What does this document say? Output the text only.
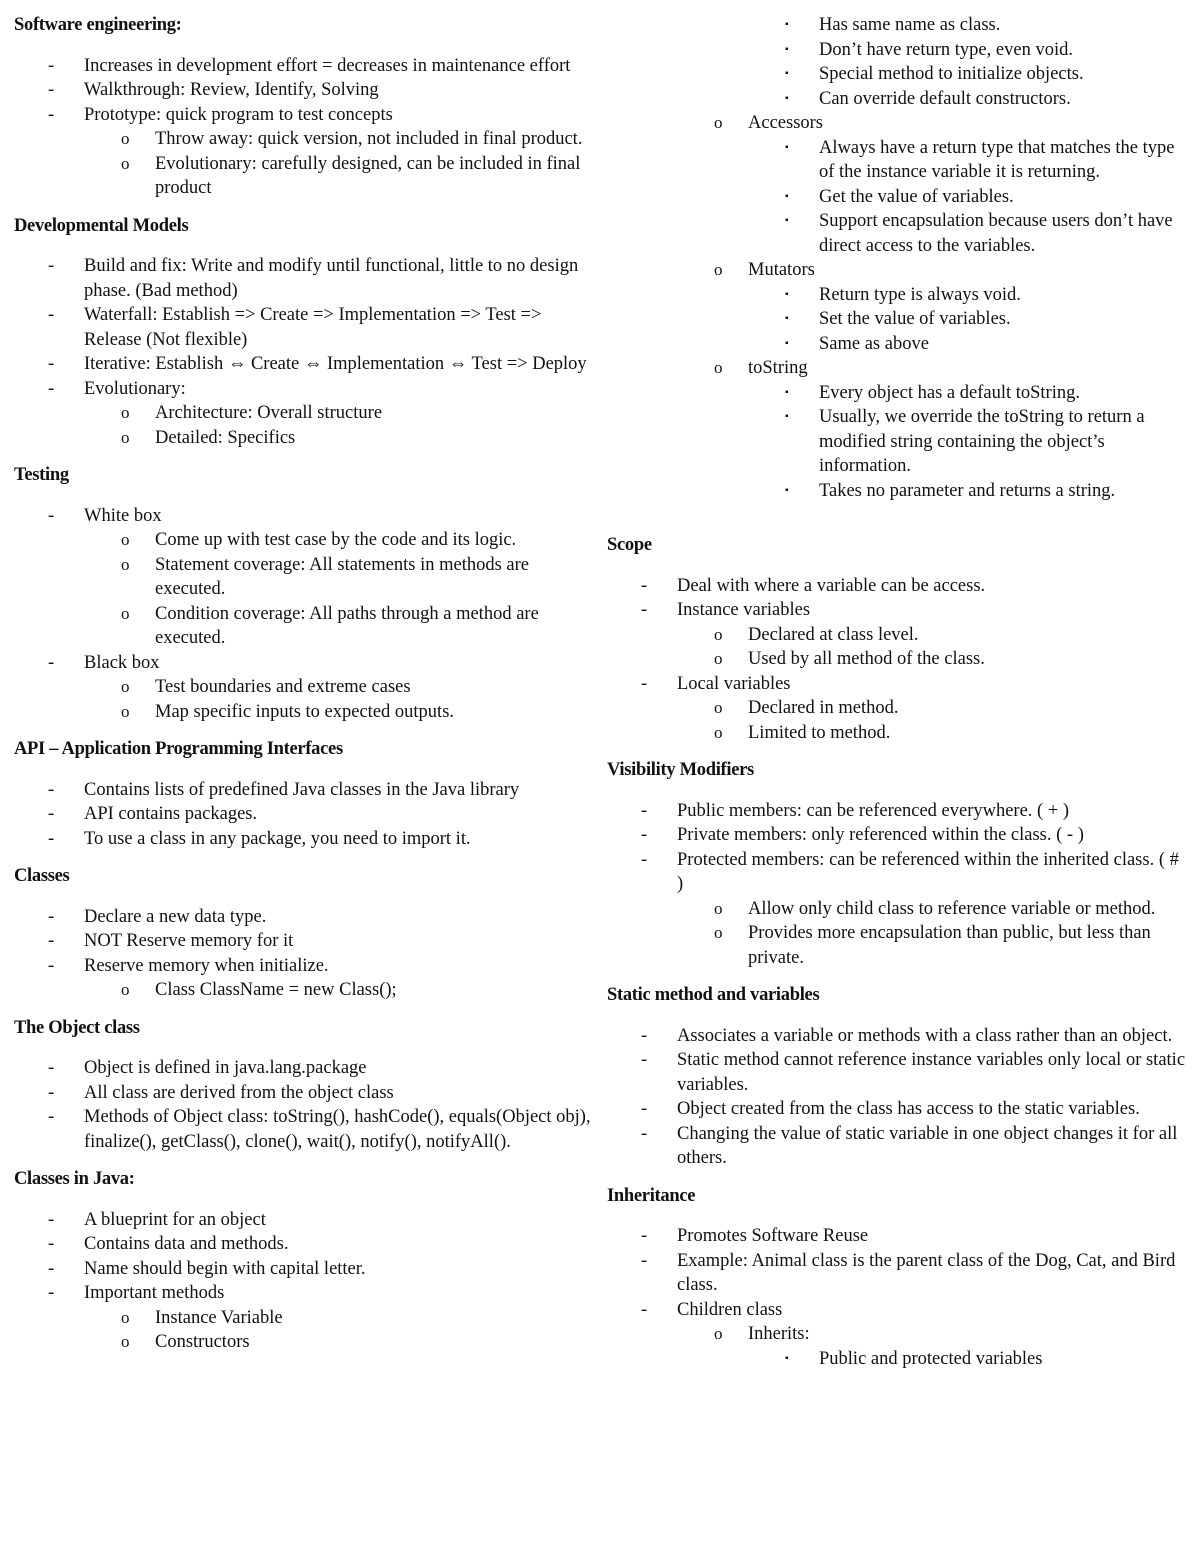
Software engineering:
- Increases in development effort = decreases in maintenance effort
- Walkthrough: Review, Identify, Solving
- Prototype: quick program to test concepts
o Throw away: quick version, not included in final product.
o Evolutionary: carefully designed, can be included in final product
Developmental Models
- Build and fix: Write and modify until functional, little to no design phase. (Bad method)
- Waterfall: Establish => Create => Implementation => Test => Release (Not flexible)
- Iterative: Establish ⇔ Create ⇔ Implementation ⇔ Test => Deploy
- Evolutionary:
o Architecture: Overall structure
o Detailed: Specifics
Testing
- White box
o Come up with test case by the code and its logic.
o Statement coverage: All statements in methods are executed.
o Condition coverage: All paths through a method are executed.
- Black box
o Test boundaries and extreme cases
o Map specific inputs to expected outputs.
API – Application Programming Interfaces
- Contains lists of predefined Java classes in the Java library
- API contains packages.
- To use a class in any package, you need to import it.
Classes
- Declare a new data type.
- NOT Reserve memory for it
- Reserve memory when initialize.
o Class ClassName = new Class();
The Object class
- Object is defined in java.lang.package
- All class are derived from the object class
- Methods of Object class: toString(), hashCode(), equals(Object obj), finalize(), getClass(), clone(), wait(), notify(), notifyAll().
Classes in Java:
- A blueprint for an object
- Contains data and methods.
- Name should begin with capital letter.
- Important methods
o Instance Variable
o Constructors
▪ Has same name as class.
▪ Don’t have return type, even void.
▪ Special method to initialize objects.
▪ Can override default constructors.
o Accessors
▪ Always have a return type that matches the type of the instance variable it is returning.
▪ Get the value of variables.
▪ Support encapsulation because users don’t have direct access to the variables.
o Mutators
▪ Return type is always void.
▪ Set the value of variables.
▪ Same as above
o toString
▪ Every object has a default toString.
▪ Usually, we override the toString to return a modified string containing the object’s information.
▪ Takes no parameter and returns a string.
Scope
- Deal with where a variable can be access.
- Instance variables
o Declared at class level.
o Used by all method of the class.
- Local variables
o Declared in method.
o Limited to method.
Visibility Modifiers
- Public members: can be referenced everywhere. ( + )
- Private members: only referenced within the class. ( - )
- Protected members: can be referenced within the inherited class. ( # )
o Allow only child class to reference variable or method.
o Provides more encapsulation than public, but less than private.
Static method and variables
- Associates a variable or methods with a class rather than an object.
- Static method cannot reference instance variables only local or static variables.
- Object created from the class has access to the static variables.
- Changing the value of static variable in one object changes it for all others.
Inheritance
- Promotes Software Reuse
- Example: Animal class is the parent class of the Dog, Cat, and Bird class.
- Children class
o Inherits:
▪ Public and protected variables
